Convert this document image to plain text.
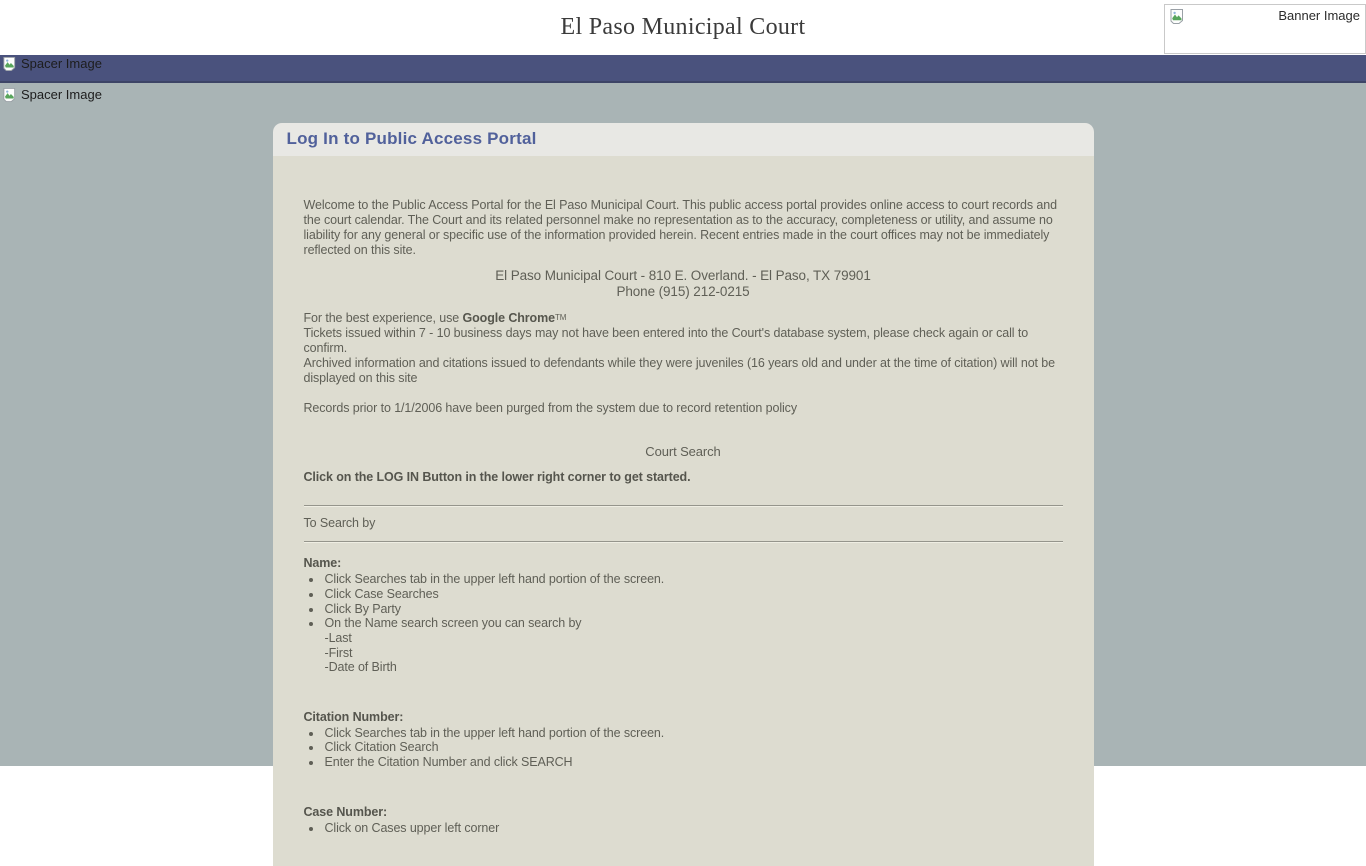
El Paso Municipal Court	Banner Image
Spacer Image
Spacer Image
Log In to Public Access Portal

Welcome to the Public Access Portal for the El Paso Municipal Court. This public access portal provides online access to court records and the court calendar. The Court and its related personnel make no representation as to the accuracy, completeness or utility, and assume no liability for any general or specific use of the information provided herein. Recent entries made in the court offices may not be immediately reflected on this site.

El Paso Municipal Court - 810 E. Overland. - El Paso, TX 79901
Phone (915) 212-0215
For the best experience, use Google Chrome™
Tickets issued within 7 - 10 business days may not have been entered into the Court's database system, please check again or call to confirm.
Archived information and citations issued to defendants while they were juveniles (16 years old and under at the time of citation) will not be displayed on this site

Records prior to 1/1/2006 have been purged from the system due to record retention policy

Court Search

Click on the LOG IN Button in the lower right corner to get started.

To Search by
Name:
• Click Searches tab in the upper left hand portion of the screen.
• Click Case Searches
• Click By Party
• On the Name search screen you can search by
-Last
-First
-Date of Birth
Citation Number:
• Click Searches tab in the upper left hand portion of the screen.
• Click Citation Search
• Enter the Citation Number and click SEARCH
Case Number:
• Click on Cases upper left corner
